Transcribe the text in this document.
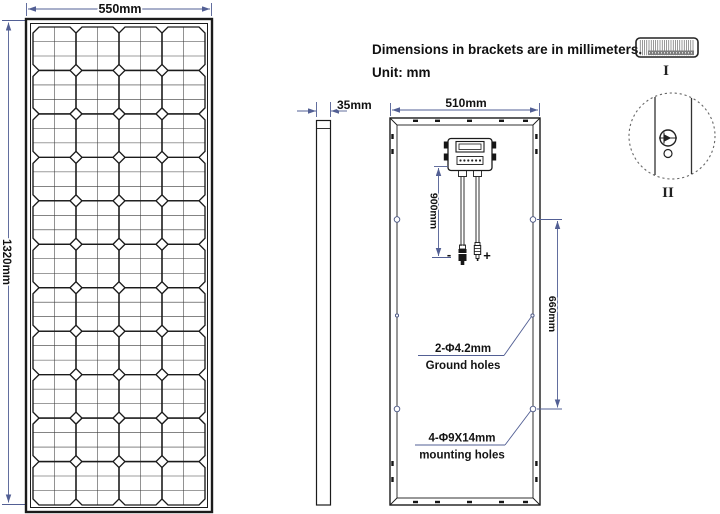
550mm
1320mm
35mm
Dimensions in brackets are in millimeters.
Unit: mm
510mm
- +
900mm
660mm
2-Φ4.2mm
Ground holes
4-Φ9X14mm
mounting holes
I
II
